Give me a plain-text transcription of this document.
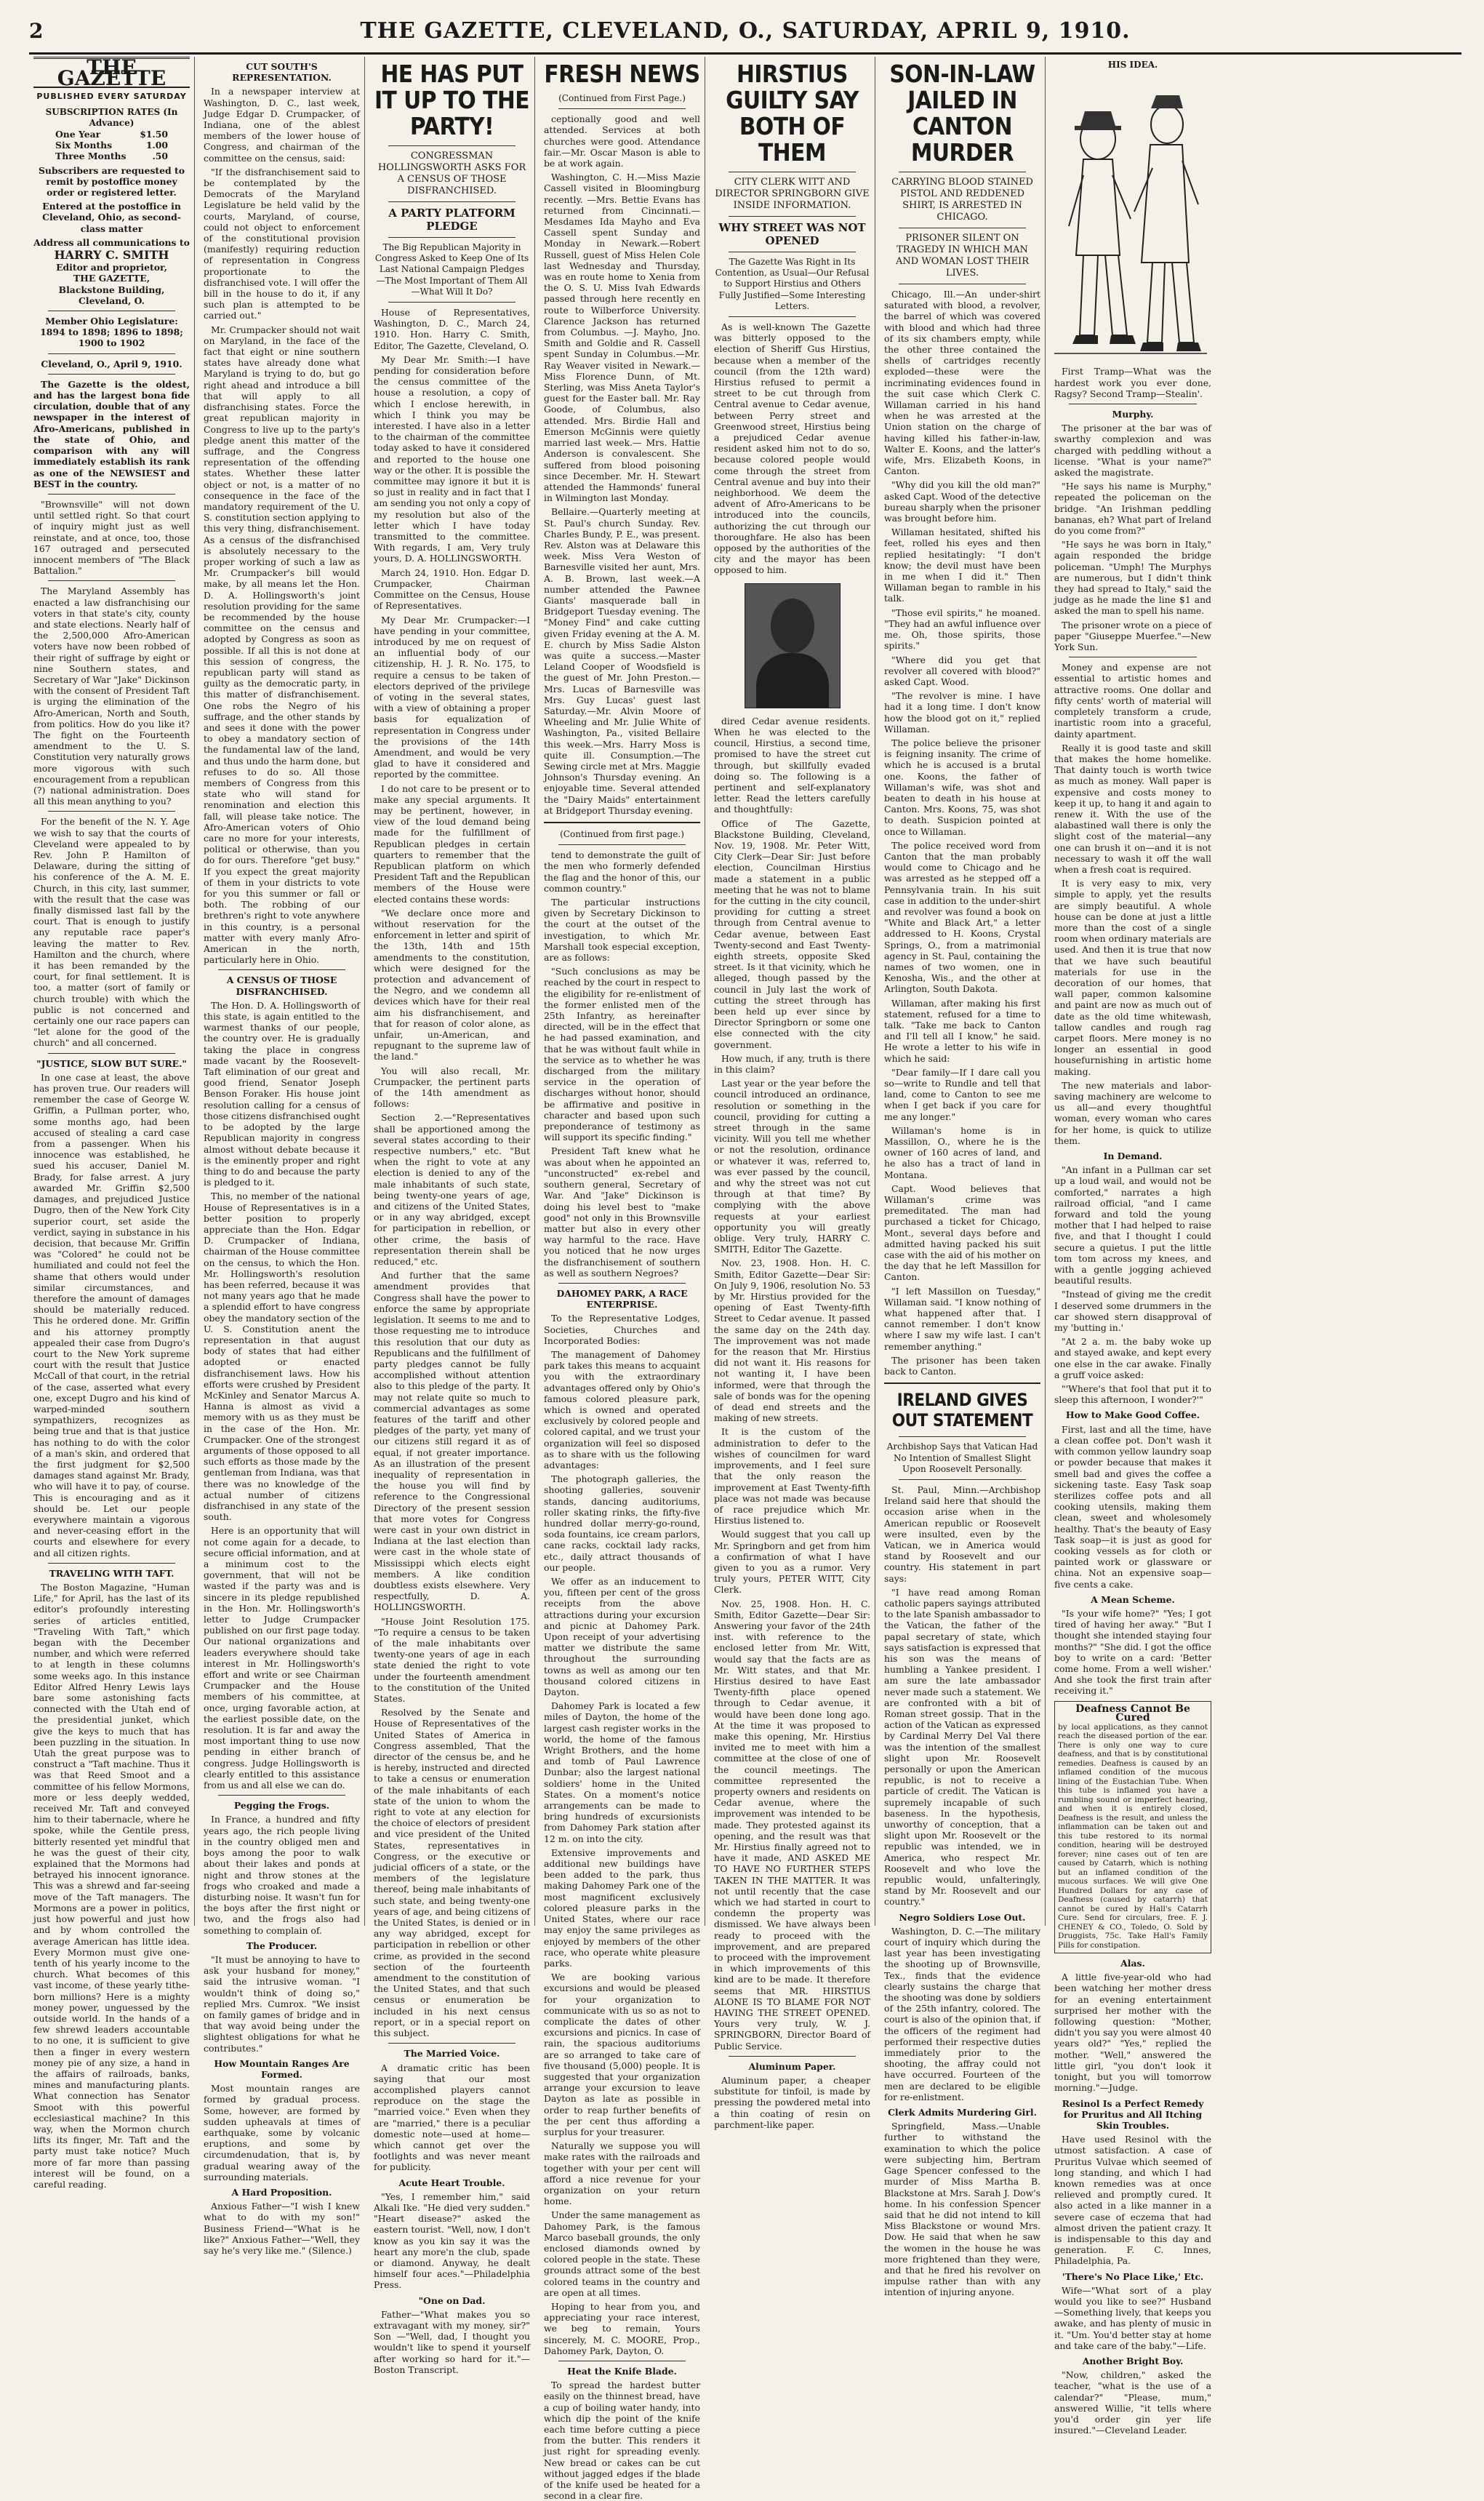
2	THE GAZETTE, CLEVELAND, O., SATURDAY, APRIL 9, 1910.
THE GAZETTE
PUBLISHED EVERY SATURDAY
SUBSCRIPTION RATES (In Advance)
One Year	$1.50
Six Months	1.00
Three Months	.50

Subscribers are requested to remit by postoffice money order or registered letter.

Entered at the postoffice in Cleveland, Ohio, as second-class matter

Address all communications to

HARRY C. SMITH

Editor and proprietor,

THE GAZETTE,

Blackstone Building, Cleveland, O.

Member Ohio Legislature: 1894 to 1898; 1896 to 1898; 1900 to 1902

Cleveland, O., April 9, 1910.

The Gazette is the oldest, and has the largest bona fide circulation, double that of any newspaper in the interest of Afro-Americans, published in the state of Ohio, and comparison with any will immediately establish its rank as one of the NEWSIEST and BEST in the country.

"Brownsville" will not down until settled right. So that court of inquiry might just as well reinstate, and at once, too, those 167 outraged and persecuted innocent members of "The Black Battalion."

The Maryland Assembly has enacted a law disfranchising our voters in that state's city, county and state elections. Nearly half of the 2,500,000 Afro-American voters have now been robbed of their right of suffrage by eight or nine Southern states, and Secretary of War "Jake" Dickinson with the consent of President Taft is urging the elimination of the Afro-American, North and South, from politics. How do you like it? The fight on the Fourteenth amendment to the U. S. Constitution very naturally grows more vigorous with such encouragement from a republican (?) national administration. Does all this mean anything to you?

For the benefit of the N. Y. Age we wish to say that the courts of Cleveland were appealed to by Rev. John P. Hamilton of Delaware, during the sitting of his conference of the A. M. E. Church, in this city, last summer, with the result that the case was finally dismissed last fall by the court. That is enough to justify any reputable race paper's leaving the matter to Rev. Hamilton and the church, where it has been remanded by the court, for final settlement. It is too, a matter (sort of family or church trouble) with which the public is not concerned and certainly one our race papers can "let alone for the good of the church" and all concerned.

"JUSTICE, SLOW BUT SURE."

In one case at least, the above has proven true. Our readers will remember the case of George W. Griffin, a Pullman porter, who, some months ago, had been accused of stealing a card case from a passenger. When his innocence was established, he sued his accuser, Daniel M. Brady, for false arrest. A jury awarded Mr. Griffin $2,500 damages, and prejudiced Justice Dugro, then of the New York City superior court, set aside the verdict, saying in substance in his decision, that because Mr. Griffin was "Colored" he could not be humiliated and could not feel the shame that others would under similar circumstances, and therefore the amount of damages should be materially reduced. This he ordered done. Mr. Griffin and his attorney promptly appealed their case from Dugro's court to the New York supreme court with the result that Justice McCall of that court, in the retrial of the case, asserted what every one, except Dugro and his kind of warped-minded southern sympathizers, recognizes as being true and that is that justice has nothing to do with the color of a man's skin, and ordered that the first judgment for $2,500 damages stand against Mr. Brady, who will have it to pay, of course. This is encouraging and as it should be. Let our people everywhere maintain a vigorous and never-ceasing effort in the courts and elsewhere for every and all citizen rights.

TRAVELING WITH TAFT.

The Boston Magazine, "Human Life," for April, has the last of its editor's profoundly interesting series of articles entitled, "Traveling With Taft," which began with the December number, and which were referred to at length in these columns some weeks ago. In this instance Editor Alfred Henry Lewis lays bare some astonishing facts connected with the Utah end of the presidential junket, which give the keys to much that has been puzzling in the situation. In Utah the great purpose was to construct a "Taft machine. Thus it was that Reed Smoot and a committee of his fellow Mormons, more or less deeply wedded, received Mr. Taft and conveyed him to their tabernacle, where he spoke, while the Gentile press, bitterly resented yet mindful that he was the guest of their city, explained that the Mormons had betrayed his innocent ignorance. This was a shrewd and far-seeing move of the Taft managers. The Mormons are a power in politics, just how powerful and just how and by whom controlled the average American has little idea. Every Mormon must give one-tenth of his yearly income to the church. What becomes of this vast income, of these yearly tithe-born millions? Here is a mighty money power, unguessed by the outside world. In the hands of a few shrewd leaders accountable to no one, it is sufficient to give then a finger in every western money pie of any size, a hand in the affairs of railroads, banks, mines and manufacturing plants. What connection has Senator Smoot with this powerful ecclesiastical machine? In this way, when the Mormon church lifts its finger, Mr. Taft and the party must take notice? Much more of far more than passing interest will be found, on a careful reading.

CUT SOUTH'S REPRESENTATION.

In a newspaper interview at Washington, D. C., last week, Judge Edgar D. Crumpacker, of Indiana, one of the ablest members of the lower house of Congress, and chairman of the committee on the census, said:

"If the disfranchisement said to be contemplated by the Democrats of the Maryland Legislature be held valid by the courts, Maryland, of course, could not object to enforcement of the constitutional provision (manifestly) requiring reduction of representation in Congress proportionate to the disfranchised vote. I will offer the bill in the house to do it, if any such plan is attempted to be carried out."

Mr. Crumpacker should not wait on Maryland, in the face of the fact that eight or nine southern states have already done what Maryland is trying to do, but go right ahead and introduce a bill that will apply to all disfranchising states. Force the great republican majority in Congress to live up to the party's pledge anent this matter of the suffrage, and the Congress representation of the offending states. Whether these latter object or not, is a matter of no consequence in the face of the mandatory requirement of the U. S. constitution section applying to this very thing, disfranchisement. As a census of the disfranchised is absolutely necessary to the proper working of such a law as Mr. Crumpacker's bill would make, by all means let the Hon. D. A. Hollingsworth's joint resolution providing for the same be recommended by the house committee on the census and adopted by Congress as soon as possible. If all this is not done at this session of congress, the republican party will stand as guilty as the democratic party, in this matter of disfranchisement. One robs the Negro of his suffrage, and the other stands by and sees it done with the power to obey a mandatory section of the fundamental law of the land, and thus undo the harm done, but refuses to do so. All those members of Congress from this state who will stand for renomination and election this fall, will please take notice. The Afro-American voters of Ohio care no more for your interests, political or otherwise, than you do for ours. Therefore "get busy." If you expect the great majority of them in your districts to vote for you this summer or fall or both. The robbing of our brethren's right to vote anywhere in this country, is a personal matter with every manly Afro-American in the north, particularly here in Ohio.

A CENSUS OF THOSE DISFRANCHISED.

The Hon. D. A. Hollingsworth of this state, is again entitled to the warmest thanks of our people, the country over. He is gradually taking the place in congress made vacant by the Roosevelt-Taft elimination of our great and good friend, Senator Joseph Benson Foraker. His house joint resolution calling for a census of those citizens disfranchised ought to be adopted by the large Republican majority in congress almost without debate because it is the eminently proper and right thing to do and because the party is pledged to it.

This, no member of the national House of Representatives is in a better position to properly appreciate than the Hon. Edgar D. Crumpacker of Indiana, chairman of the House committee on the census, to which the Hon. Mr. Hollingsworth's resolution has been referred, because it was not many years ago that he made a splendid effort to have congress obey the mandatory section of the U. S. Constitution anent the representation in that august body of states that had either adopted or enacted disfranchisement laws. How his efforts were crushed by President McKinley and Senator Marcus A. Hanna is almost as vivid a memory with us as they must be in the case of the Hon. Mr. Crumpacker. One of the strongest arguments of those opposed to all such efforts as those made by the gentleman from Indiana, was that there was no knowledge of the actual number of citizens disfranchised in any state of the south.

Here is an opportunity that will not come again for a decade, to secure official information, and at a minimum cost to the government, that will not be wasted if the party was and is sincere in its pledge republished in the Hon. Mr. Hollingsworth's letter to Judge Crumpacker published on our first page today. Our national organizations and leaders everywhere should take interest in Mr. Hollingsworth's effort and write or see Chairman Crumpacker and the House members of his committee, at once, urging favorable action, at the earliest possible date, on the resolution. It is far and away the most important thing to use now pending in either branch of congress. Judge Hollingsworth is clearly entitled to this assistance from us and all else we can do.

Pegging the Frogs.

In France, a hundred and fifty years ago, the rich people living in the country obliged men and boys among the poor to walk about their lakes and ponds at night and throw stones at the frogs who croaked and made a disturbing noise. It wasn't fun for the boys after the first night or two, and the frogs also had something to complain of.

The Producer.

"It must be annoying to have to ask your husband for money," said the intrusive woman. "I wouldn't think of doing so," replied Mrs. Cumrox. "We insist on family games of bridge and in that way avoid being under the slightest obligations for what he contributes."

How Mountain Ranges Are Formed.

Most mountain ranges are formed by gradual process. Some, however, are formed by sudden upheavals at times of earthquake, some by volcanic eruptions, and some by circumdenudation, that is, by gradual wearing away of the surrounding materials.

A Hard Proposition.

Anxious Father—"I wish I knew what to do with my son!" Business Friend—"What is he like?" Anxious Father—"Well, they say he's very like me." (Silence.)

HE HAS PUT IT UP TO THE PARTY!
CONGRESSMAN HOLLINGSWORTH ASKS FOR A CENSUS OF THOSE DISFRANCHISED.
A PARTY PLATFORM PLEDGE
The Big Republican Majority in Congress Asked to Keep One of Its Last National Campaign Pledges —The Most Important of Them All—What Will It Do?

House of Representatives, Washington, D. C., March 24, 1910. Hon. Harry C. Smith, Editor, The Gazette, Cleveland, O.

My Dear Mr. Smith:—I have pending for consideration before the census committee of the house a resolution, a copy of which I enclose herewith, in which I think you may be interested. I have also in a letter to the chairman of the committee today asked to have it considered and reported to the house one way or the other. It is possible the committee may ignore it but it is so just in reality and in fact that I am sending you not only a copy of my resolution but also of the letter which I have today transmitted to the committee. With regards, I am, Very truly yours, D. A. HOLLINGSWORTH.

March 24, 1910. Hon. Edgar D. Crumpacker, Chairman Committee on the Census, House of Representatives.

My Dear Mr. Crumpacker:—I have pending in your committee, introduced by me on request of an influential body of our citizenship, H. J. R. No. 175, to require a census to be taken of electors deprived of the privilege of voting in the several states, with a view of obtaining a proper basis for equalization of representation in Congress under the provisions of the 14th Amendment, and would be very glad to have it considered and reported by the committee.

I do not care to be present or to make any special arguments. It may be pertinent, however, in view of the loud demand being made for the fulfillment of Republican pledges in certain quarters to remember that the Republican platform on which President Taft and the Republican members of the House were elected contains these words:

"We declare once more and without reservation for the enforcement in letter and spirit of the 13th, 14th and 15th amendments to the constitution, which were designed for the protection and advancement of the Negro, and we condemn all devices which have for their real aim his disfranchisement, and that for reason of color alone, as unfair, un-American, and repugnant to the supreme law of the land."

You will also recall, Mr. Crumpacker, the pertinent parts of the 14th amendment as follows:

Section 2.—"Representatives shall be apportioned among the several states according to their respective numbers," etc. "But when the right to vote at any election is denied to any of the male inhabitants of such state, being twenty-one years of age, and citizens of the United States, or in any way abridged, except for participation in rebellion, or other crime, the basis of representation therein shall be reduced," etc.

And further that the same amendment provides that Congress shall have the power to enforce the same by appropriate legislation. It seems to me and to those requesting me to introduce this resolution that our duty as Republicans and the fulfillment of party pledges cannot be fully accomplished without attention also to this pledge of the party. It may not relate quite so much to commercial advantages as some features of the tariff and other pledges of the party, yet many of our citizens still regard it as of equal, if not greater importance. As an illustration of the present inequality of representation in the house you will find by reference to the Congressional Directory of the present session that more votes for Congress were cast in your own district in Indiana at the last election than were cast in the whole state of Mississippi which elects eight members. A like condition doubtless exists elsewhere. Very respectfully, D. A. HOLLINGSWORTH.

"House Joint Resolution 175. "To require a census to be taken of the male inhabitants over twenty-one years of age in each state denied the right to vote under the fourteenth amendment to the constitution of the United States.

Resolved by the Senate and House of Representatives of the United States of America in Congress assembled, That the director of the census be, and he is hereby, instructed and directed to take a census or enumeration of the male inhabitants of each state of the union to whom the right to vote at any election for the choice of electors of president and vice president of the United States, representatives in Congress, or the executive or judicial officers of a state, or the members of the legislature thereof, being male inhabitants of such state, and being twenty-one years of age, and being citizens of the United States, is denied or in any way abridged, except for participation in rebellion or other crime, as provided in the second section of the fourteenth amendment to the constitution of the United States, and that such census or enumeration be included in his next census report, or in a special report on this subject.

The Married Voice.

A dramatic critic has been saying that our most accomplished players cannot reproduce on the stage the "married voice." Even when they are "married," there is a peculiar domestic note—used at home—which cannot get over the footlights and was never meant for publicity.

Acute Heart Trouble.

"Yes, I remember him," said Alkali Ike. "He died very sudden." "Heart disease?" asked the eastern tourist. "Well, now, I don't know as you kin say it was the heart any more'n the club, spade or diamond. Anyway, he dealt himself four aces."—Philadelphia Press.

"One on Dad.

Father—"What makes you so extravagant with my money, sir?" Son —"Well, dad, I thought you wouldn't like to spend it yourself after working so hard for it."—Boston Transcript.

FRESH NEWS
(Continued from First Page.)

ceptionally good and well attended. Services at both churches were good. Attendance fair.—Mr. Oscar Mason is able to be at work again.

Washington, C. H.—Miss Mazie Cassell visited in Bloomingburg recently. —Mrs. Bettie Evans has returned from Cincinnati.—Mesdames Ida Mayho and Eva Cassell spent Sunday and Monday in Newark.—Robert Russell, guest of Miss Helen Cole last Wednesday and Thursday, was en route home to Xenia from the O. S. U. Miss Ivah Edwards passed through here recently en route to Wilberforce University. Clarence Jackson has returned from Columbus. —J. Mayho, Jno. Smith and Goldie and R. Cassell spent Sunday in Columbus.—Mr. Ray Weaver visited in Newark.—Miss Florence Dunn, of Mt. Sterling, was Miss Aneta Taylor's guest for the Easter ball. Mr. Ray Goode, of Columbus, also attended. Mrs. Birdie Hall and Emerson McGinnis were quietly married last week.— Mrs. Hattie Anderson is convalescent. She suffered from blood poisoning since December. Mr. H. Stewart attended the Hammonds' funeral in Wilmington last Monday.

Bellaire.—Quarterly meeting at St. Paul's church Sunday. Rev. Charles Bundy, P. E., was present. Rev. Alston was at Delaware this week. Miss Vera Weston of Barnesville visited her aunt, Mrs. A. B. Brown, last week.—A number attended the Pawnee Giants' masquerade ball in Bridgeport Tuesday evening. The "Money Find" and cake cutting given Friday evening at the A. M. E. church by Miss Sadie Alston was quite a success.—Master Leland Cooper of Woodsfield is the guest of Mr. John Preston.—Mrs. Lucas of Barnesville was Mrs. Guy Lucas' guest last Saturday.—Mr. Alvin Moore of Wheeling and Mr. Julie White of Washington, Pa., visited Bellaire this week.—Mrs. Harry Moss is quite ill. Consumption.—The Sewing circle met at Mrs. Maggie Johnson's Thursday evening. An enjoyable time. Several attended the "Dairy Maids" entertainment at Bridgeport Thursday evening.

(Continued from first page.)

tend to demonstrate the guilt of the men who formerly defended the flag and the honor of this, our common country."

The particular instructions given by Secretary Dickinson to the court at the outset of the investigation, to which Mr. Marshall took especial exception, are as follows:

"Such conclusions as may be reached by the court in respect to the eligibility for re-enlistment of the former enlisted men of the 25th Infantry, as hereinafter directed, will be in the effect that he had passed examination, and that he was without fault while in the service as to whether he was discharged from the military service in the operation of discharges without honor, should be affirmative and positive in character and based upon such preponderance of testimony as will support its specific finding."

President Taft knew what he was about when he appointed an "unconstructed" ex-rebel and southern general, Secretary of War. And "Jake" Dickinson is doing his level best to "make good" not only in this Brownsville matter but also in every other way harmful to the race. Have you noticed that he now urges the disfranchisement of southern as well as southern Negroes?

DAHOMEY PARK, A RACE ENTERPRISE.

To the Representative Lodges, Societies, Churches and Incorporated Bodies:

The management of Dahomey park takes this means to acquaint you with the extraordinary advantages offered only by Ohio's famous colored pleasure park, which is owned and operated exclusively by colored people and colored capital, and we trust your organization will feel so disposed as to share with us the following advantages:

The photograph galleries, the shooting galleries, souvenir stands, dancing auditoriums, roller skating rinks, the fifty-five hundred dollar merry-go-round, soda fountains, ice cream parlors, cane racks, cocktail lady racks, etc., daily attract thousands of our people.

We offer as an inducement to you, fifteen per cent of the gross receipts from the above attractions during your excursion and picnic at Dahomey Park. Upon receipt of your advertising matter we distribute the same throughout the surrounding towns as well as among our ten thousand colored citizens in Dayton.

Dahomey Park is located a few miles of Dayton, the home of the largest cash register works in the world, the home of the famous Wright Brothers, and the home and tomb of Paul Lawrence Dunbar; also the largest national soldiers' home in the United States. On a moment's notice arrangements can be made to bring hundreds of excursionists from Dahomey Park station after 12 m. on into the city.

Extensive improvements and additional new buildings have been added to the park, thus making Dahomey Park one of the most magnificent exclusively colored pleasure parks in the United States, where our race may enjoy the same privileges as enjoyed by members of the other race, who operate white pleasure parks.

We are booking various excursions and would be pleased for your organization to communicate with us so as not to complicate the dates of other excursions and picnics. In case of rain, the spacious auditoriums are so arranged to take care of five thousand (5,000) people. It is suggested that your organization arrange your excursion to leave Dayton as late as possible in order to reap further benefits of the per cent thus affording a surplus for your treasurer.

Naturally we suppose you will make rates with the railroads and together with your per cent will afford a nice revenue for your organization on your return home.

Under the same management as Dahomey Park, is the famous Marco baseball grounds, the only enclosed diamonds owned by colored people in the state. These grounds attract some of the best colored teams in the country and are open at all times.

Hoping to hear from you, and appreciating your race interest, we beg to remain, Yours sincerely, M. C. MOORE, Prop., Dahomey Park, Dayton, O.

Heat the Knife Blade.

To spread the hardest butter easily on the thinnest bread, have a cup of boiling water handy, into which dip the point of the knife each time before cutting a piece from the butter. This renders it just right for spreading evenly. New bread or cakes can be cut without jagged edges if the blade of the knife used be heated for a second in a clear fire.

HIRSTIUS GUILTY SAY BOTH OF THEM
CITY CLERK WITT AND DIRECTOR SPRINGBORN GIVE INSIDE INFORMATION.
WHY STREET WAS NOT OPENED
The Gazette Was Right in Its Contention, as Usual—Our Refusal to Support Hirstius and Others Fully Justified—Some Interesting Letters.

As is well-known The Gazette was bitterly opposed to the election of Sheriff Gus Hirstius, because when a member of the council (from the 12th ward) Hirstius refused to permit a street to be cut through from Central avenue to Cedar avenue, between Perry street and Greenwood street, Hirstius being a prejudiced Cedar avenue resident asked him not to do so, because colored people would come through the street from Central avenue and buy into their neighborhood. We deem the advent of Afro-Americans to be introduced into the councils, authorizing the cut through our thoroughfare. He also has been opposed by the authorities of the city and the mayor has been opposed to him.

dired Cedar avenue residents. When he was elected to the council, Hirstius, a second time, promised to have the street cut through, but skillfully evaded doing so. The following is a pertinent and self-explanatory letter. Read the letters carefully and thoughtfully:

Office of The Gazette, Blackstone Building, Cleveland, Nov. 19, 1908. Mr. Peter Witt, City Clerk—Dear Sir: Just before election, Councilman Hirstius made a statement in a public meeting that he was not to blame for the cutting in the city council, providing for cutting a street through from Central avenue to Cedar avenue, between East Twenty-second and East Twenty-eighth streets, opposite Sked street. Is it that vicinity, which he alleged, though passed by the council in July last the work of cutting the street through has been held up ever since by Director Springborn or some one else connected with the city government.

How much, if any, truth is there in this claim?

Last year or the year before the council introduced an ordinance, resolution or something in the council, providing for cutting a street through in the same vicinity. Will you tell me whether or not the resolution, ordinance or whatever it was, referred to, was ever passed by the council, and why the street was not cut through at that time? By complying with the above requests at your earliest opportunity you will greatly oblige. Very truly, HARRY C. SMITH, Editor The Gazette.

Nov. 23, 1908. Hon. H. C. Smith, Editor Gazette—Dear Sir: On July 9, 1906, resolution No. 53 by Mr. Hirstius provided for the opening of East Twenty-fifth Street to Cedar avenue. It passed the same day on the 24th day. The improvement was not made for the reason that Mr. Hirstius did not want it. His reasons for not wanting it, I have been informed, were that through the sale of bonds was for the opening of dead end streets and the making of new streets.

It is the custom of the administration to defer to the wishes of councilmen for ward improvements, and I feel sure that the only reason the improvement at East Twenty-fifth place was not made was because of race prejudice which Mr. Hirstius listened to.

Would suggest that you call up Mr. Springborn and get from him a confirmation of what I have given to you as a rumor. Very truly yours, PETER WITT, City Clerk.

Nov. 25, 1908. Hon. H. C. Smith, Editor Gazette—Dear Sir: Answering your favor of the 24th inst. with reference to the enclosed letter from Mr. Witt, would say that the facts are as Mr. Witt states, and that Mr. Hirstius desired to have East Twenty-fifth place opened through to Cedar avenue, it would have been done long ago. At the time it was proposed to make this opening, Mr. Hirstius invited me to meet with him a committee at the close of one of the council meetings. The committee represented the property owners and residents on Cedar avenue, where the improvement was intended to be made. They protested against its opening, and the result was that Mr. Hirstius finally agreed not to have it made, AND ASKED ME TO HAVE NO FURTHER STEPS TAKEN IN THE MATTER. It was not until recently that the case which we had started in court to condemn the property was dismissed. We have always been ready to proceed with the improvement, and are prepared to proceed with the improvement in which improvements of this kind are to be made. It therefore seems that MR. HIRSTIUS ALONE IS TO BLAME FOR NOT HAVING THE STREET OPENED. Yours very truly, W. J. SPRINGBORN, Director Board of Public Service.

Aluminum Paper.

Aluminum paper, a cheaper substitute for tinfoil, is made by pressing the powdered metal into a thin coating of resin on parchment-like paper.

SON-IN-LAW JAILED IN CANTON MURDER
CARRYING BLOOD STAINED PISTOL AND REDDENED SHIRT, IS ARRESTED IN CHICAGO.
PRISONER SILENT ON TRAGEDY IN WHICH MAN AND WOMAN LOST THEIR LIVES.

Chicago, Ill.—An under-shirt saturated with blood, a revolver, the barrel of which was covered with blood and which had three of its six chambers empty, while the other three contained the shells of cartridges recently exploded—these were the incriminating evidences found in the suit case which Clerk C. Willaman carried in his hand when he was arrested at the Union station on the charge of having killed his father-in-law, Walter E. Koons, and the latter's wife, Mrs. Elizabeth Koons, in Canton.

"Why did you kill the old man?" asked Capt. Wood of the detective bureau sharply when the prisoner was brought before him.

Willaman hesitated, shifted his feet, rolled his eyes and then replied hesitatingly: "I don't know; the devil must have been in me when I did it." Then Willaman began to ramble in his talk.

"Those evil spirits," he moaned. "They had an awful influence over me. Oh, those spirits, those spirits."

"Where did you get that revolver all covered with blood?" asked Capt. Wood.

"The revolver is mine. I have had it a long time. I don't know how the blood got on it," replied Willaman.

The police believe the prisoner is feigning insanity. The crime of which he is accused is a brutal one. Koons, the father of Willaman's wife, was shot and beaten to death in his house at Canton. Mrs. Koons, 75, was shot to death. Suspicion pointed at once to Willaman.

The police received word from Canton that the man probably would come to Chicago and he was arrested as he stepped off a Pennsylvania train. In his suit case in addition to the under-shirt and revolver was found a book on "White and Black Art," a letter addressed to H. Koons, Crystal Springs, O., from a matrimonial agency in St. Paul, containing the names of two women, one in Kenosha, Wis., and the other at Arlington, South Dakota.

Willaman, after making his first statement, refused for a time to talk. "Take me back to Canton and I'll tell all I know," he said. He wrote a letter to his wife in which he said:

"Dear family—If I dare call you so—write to Rundle and tell that land, come to Canton to see me when I get back if you care for me any longer."

Willaman's home is in Massillon, O., where he is the owner of 160 acres of land, and he also has a tract of land in Montana.

Capt. Wood believes that Willaman's crime was premeditated. The man had purchased a ticket for Chicago, Mont., several days before and admitted having packed his suit case with the aid of his mother on the day that he left Massillon for Canton.

"I left Massillon on Tuesday," Willaman said. "I know nothing of what happened after that. I cannot remember. I don't know where I saw my wife last. I can't remember anything."

The prisoner has been taken back to Canton.

IRELAND GIVES OUT STATEMENT
Archbishop Says that Vatican Had No Intention of Smallest Slight Upon Roosevelt Personally.

St. Paul, Minn.—Archbishop Ireland said here that should the occasion arise when in the American republic or Roosevelt were insulted, even by the Vatican, we in America would stand by Roosevelt and our country. His statement in part says:

"I have read among Roman catholic papers sayings attributed to the late Spanish ambassador to the Vatican, the father of the papal secretary of state, which says satisfaction is expressed that his son was the means of humbling a Yankee president. I am sure the late ambassador never made such a statement. We are confronted with a bit of Roman street gossip. That in the action of the Vatican as expressed by Cardinal Merry Del Val there was the intention of the smallest slight upon Mr. Roosevelt personally or upon the American republic, is not to receive a particle of credit. The Vatican is supremely incapable of such baseness. In the hypothesis, unworthy of conception, that a slight upon Mr. Roosevelt or the republic was intended, we in America, who respect Mr. Roosevelt and who love the republic would, unfalteringly, stand by Mr. Roosevelt and our country."

Negro Soldiers Lose Out.

Washington, D. C.—The military court of inquiry which during the last year has been investigating the shooting up of Brownsville, Tex., finds that the evidence clearly sustains the charge that the shooting was done by soldiers of the 25th infantry, colored. The court is also of the opinion that, if the officers of the regiment had performed their respective duties immediately prior to the shooting, the affray could not have occurred. Fourteen of the men are declared to be eligible for re-enlistment.

Clerk Admits Murdering Girl.

Springfield, Mass.—Unable further to withstand the examination to which the police were subjecting him, Bertram Gage Spencer confessed to the murder of Miss Martha B. Blackstone at Mrs. Sarah J. Dow's home. In his confession Spencer said that he did not intend to kill Miss Blackstone or wound Mrs. Dow. He said that when he saw the women in the house he was more frightened than they were, and that he fired his revolver on impulse rather than with any intention of injuring anyone.

HIS IDEA.

First Tramp—What was the hardest work you ever done, Ragsy? Second Tramp—Stealin'.

Murphy.

The prisoner at the bar was of swarthy complexion and was charged with peddling without a license. "What is your name?" asked the magistrate.

"He says his name is Murphy," repeated the policeman on the bridge. "An Irishman peddling bananas, eh? What part of Ireland do you come from?"

"He says he was born in Italy," again responded the bridge policeman. "Umph! The Murphys are numerous, but I didn't think they had spread to Italy," said the judge as he made the line $1 and asked the man to spell his name.

The prisoner wrote on a piece of paper "Giuseppe Muerfee."—New York Sun.

Money and expense are not essential to artistic homes and attractive rooms. One dollar and fifty cents' worth of material will completely transform a crude, inartistic room into a graceful, dainty apartment.

Really it is good taste and skill that makes the home homelike. That dainty touch is worth twice as much as money. Wall paper is expensive and costs money to keep it up, to hang it and again to renew it. With the use of the alabastined wall there is only the slight cost of the material—any one can brush it on—and it is not necessary to wash it off the wall when a fresh coat is required.

It is very easy to mix, very simple to apply, yet the results are simply beautiful. A whole house can be done at just a little more than the cost of a single room when ordinary materials are used. And then it is true that now that we have such beautiful materials for use in the decoration of our homes, that wall paper, common kalsomine and paint are now as much out of date as the old time whitewash, tallow candles and rough rag carpet floors. Mere money is no longer an essential in good housefurnishing in artistic home making.

The new materials and labor-saving machinery are welcome to us all—and every thoughtful woman, every woman who cares for her home, is quick to utilize them.

In Demand.

"An infant in a Pullman car set up a loud wail, and would not be comforted," narrates a high railroad official, "and I came forward and told the young mother that I had helped to raise five, and that I thought I could secure a quietus. I put the little tom tom across my knees, and with a gentle jogging achieved beautiful results.

"Instead of giving me the credit I deserved some drummers in the car showed stern disapproval of my 'butting in.'

"At 2 a. m. the baby woke up and stayed awake, and kept every one else in the car awake. Finally a gruff voice asked:

"'Where's that fool that put it to sleep this afternoon, I wonder?'"

How to Make Good Coffee.

First, last and all the time, have a clean coffee pot. Don't wash it with common yellow laundry soap or powder because that makes it smell bad and gives the coffee a sickening taste. Easy Task soap sterilizes coffee pots and all cooking utensils, making them clean, sweet and wholesomely healthy. That's the beauty of Easy Task soap—it is just as good for cooking vessels as for cloth or painted work or glassware or china. Not an expensive soap—five cents a cake.

A Mean Scheme.

"Is your wife home?" "Yes; I got tired of having her away." "But I thought she intended staying four months?" "She did. I got the office boy to write on a card: 'Better come home. From a well wisher.' And she took the first train after receiving it."

Deafness Cannot Be Cured
by local applications, as they cannot reach the diseased portion of the ear. There is only one way to cure deafness, and that is by constitutional remedies. Deafness is caused by an inflamed condition of the mucous lining of the Eustachian Tube. When this tube is inflamed you have a rumbling sound or imperfect hearing, and when it is entirely closed, Deafness is the result, and unless the inflammation can be taken out and this tube restored to its normal condition, hearing will be destroyed forever; nine cases out of ten are caused by Catarrh, which is nothing but an inflamed condition of the mucous surfaces. We will give One Hundred Dollars for any case of Deafness (caused by catarrh) that cannot be cured by Hall's Catarrh Cure. Send for circulars, free. F. J. CHENEY & CO., Toledo, O. Sold by Druggists, 75c. Take Hall's Family Pills for constipation.
Alas.

A little five-year-old who had been watching her mother dress for an evening entertainment surprised her mother with the following question: "Mother, didn't you say you were almost 40 years old?" "Yes," replied the mother. "Well," answered the little girl, "you don't look it tonight, but you will tomorrow morning."—Judge.

Resinol Is a Perfect Remedy for Pruritus and All Itching Skin Troubles.

Have used Resinol with the utmost satisfaction. A case of Pruritus Vulvae which seemed of long standing, and which I had known remedies was at once relieved and promptly cured. It also acted in a like manner in a severe case of eczema that had almost driven the patient crazy. It is indispensable to this day and generation. F. C. Innes, Philadelphia, Pa.

'There's No Place Like,' Etc.

Wife—"What sort of a play would you like to see?" Husband—Something lively, that keeps you awake, and has plenty of music in it. "Um. You'd better stay at home and take care of the baby."—Life.

Another Bright Boy.

"Now, children," asked the teacher, "what is the use of a calendar?" "Please, mum," answered Willie, "it tells where you'd order gin yer life insured."—Cleveland Leader.
